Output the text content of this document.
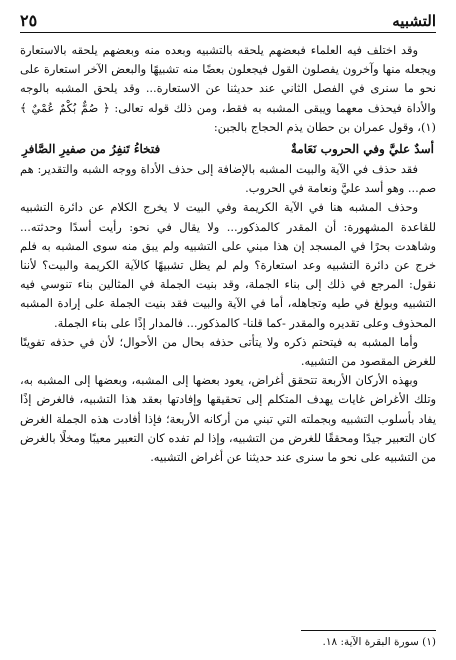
التشبيه
٢٥

وقد اختلف فيه العلماء فبعضهم يلحقه بالتشبيه وبعده منه وبعضهم يلحقه بالاستعارة ويجعله منها وآخرون يفصلون القول فيجعلون بعضًا منه تشبيهًا والبعض الآخر استعارة على نحو ما سنرى في الفصل الثاني عند حديثنا عن الاستعارة... وقد يلحق المشبه بالوجه والأداة فيحذف معهما ويبقى المشبه به فقط، ومن ذلك قوله تعالى: ﴿ صُمٌّ بُكْمٌ عُمْيٌ ﴾ (١)، وقول عمران بن حطان يذم الحجاج بالجبن:

أسدٌ عليَّ وفي الحروب نَعَامةٌ
فتخاءُ تَنفِرُ من صفيرِ الصَّافرِ

فقد حذف في الآية والبيت المشبه بالإضافة إلى حذف الأداة ووجه الشبه والتقدير: هم صم... وهو أسد عليَّ ونعامة في الحروب.

وحذف المشبه هنا في الآية الكريمة وفي البيت لا يخرج الكلام عن دائرة التشبيه للقاعدة المشهورة: أن المقدر كالمذكور... ولا يقال في نحو: رأيت أسدًا وحدثته... وشاهدت بحرًا في المسجد إن هذا مبني على التشبيه ولم يبق منه سوى المشبه به فلم خرج عن دائرة التشبيه وعد استعارة؟ ولم لم يظل تشبيهًا كالآية الكريمة والبيت؟ لأننا نقول: المرجع في ذلك إلى بناء الجملة، وقد بنيت الجملة في المثالين بناء تنوسي فيه التشبيه وبولغ في طيه وتجاهله، أما في الآية والبيت فقد بنيت الجملة على إرادة المشبه المحذوف وعلى تقديره والمقدر -كما قلنا- كالمذكور... فالمدار إذًا على بناء الجملة.

وأما المشبه به فيتحتم ذكره ولا يتأتى حذفه بحال من الأحوال؛ لأن في حذفه تفويتًا للغرض المقصود من التشبيه.

وبهذه الأركان الأربعة تتحقق أغراض، يعود بعضها إلى المشبه، وبعضها إلى المشبه به، وتلك الأغراض غايات يهدف المتكلم إلى تحقيقها وإفادتها بعقد هذا التشبيه، فالغرض إذًا يفاد بأسلوب التشبيه وبجملته التي تبني من أركانه الأربعة؛ فإذا أفادت هذه الجملة الغرض كان التعبير جيدًا ومحققًا للغرض من التشبيه، وإذا لم تفده كان التعبير معيبًا ومخلًا بالغرض من التشبيه على نحو ما سنرى عند حديثنا عن أغراض التشبيه.

(١) سورة البقرة الآية: ١٨.
